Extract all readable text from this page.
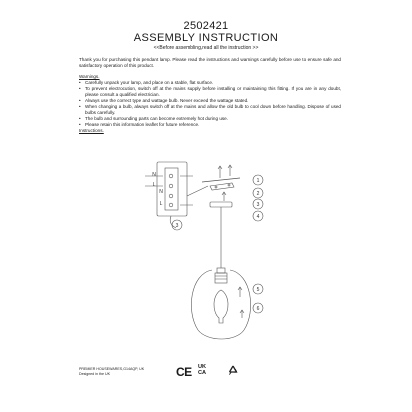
2502421
ASSEMBLY INSTRUCTION
<<Before assembling,read all the instruction >>

Thank you for purchasing this pendant lamp. Please read the instructions and warnings carefully before use to ensure safe and satisfactory operation of this product.

Warnings.

• Carefully unpack your lamp, and place on a stable, flat surface.
• To prevent electrocution, switch off at the mains supply before installing or maintaining this fitting. If you are in any doubt, please consult a qualified electrician.
• Always use the correct type and wattage bulb. Never exceed the wattage stated.
• When changing a bulb, always switch off at the mains and allow the old bulb to cool down before handling. Dispose of used bulbs carefully.
• The bulb and surrounding parts can become extremely hot during use.
• Please retain this information leaflet for future reference.

Instructions.

N
L
N
L
3
1
2
3
4
5
6
PREMIER HOUSEWARES,G14AQP, UK
Designed in the UK	CE UK
CA
